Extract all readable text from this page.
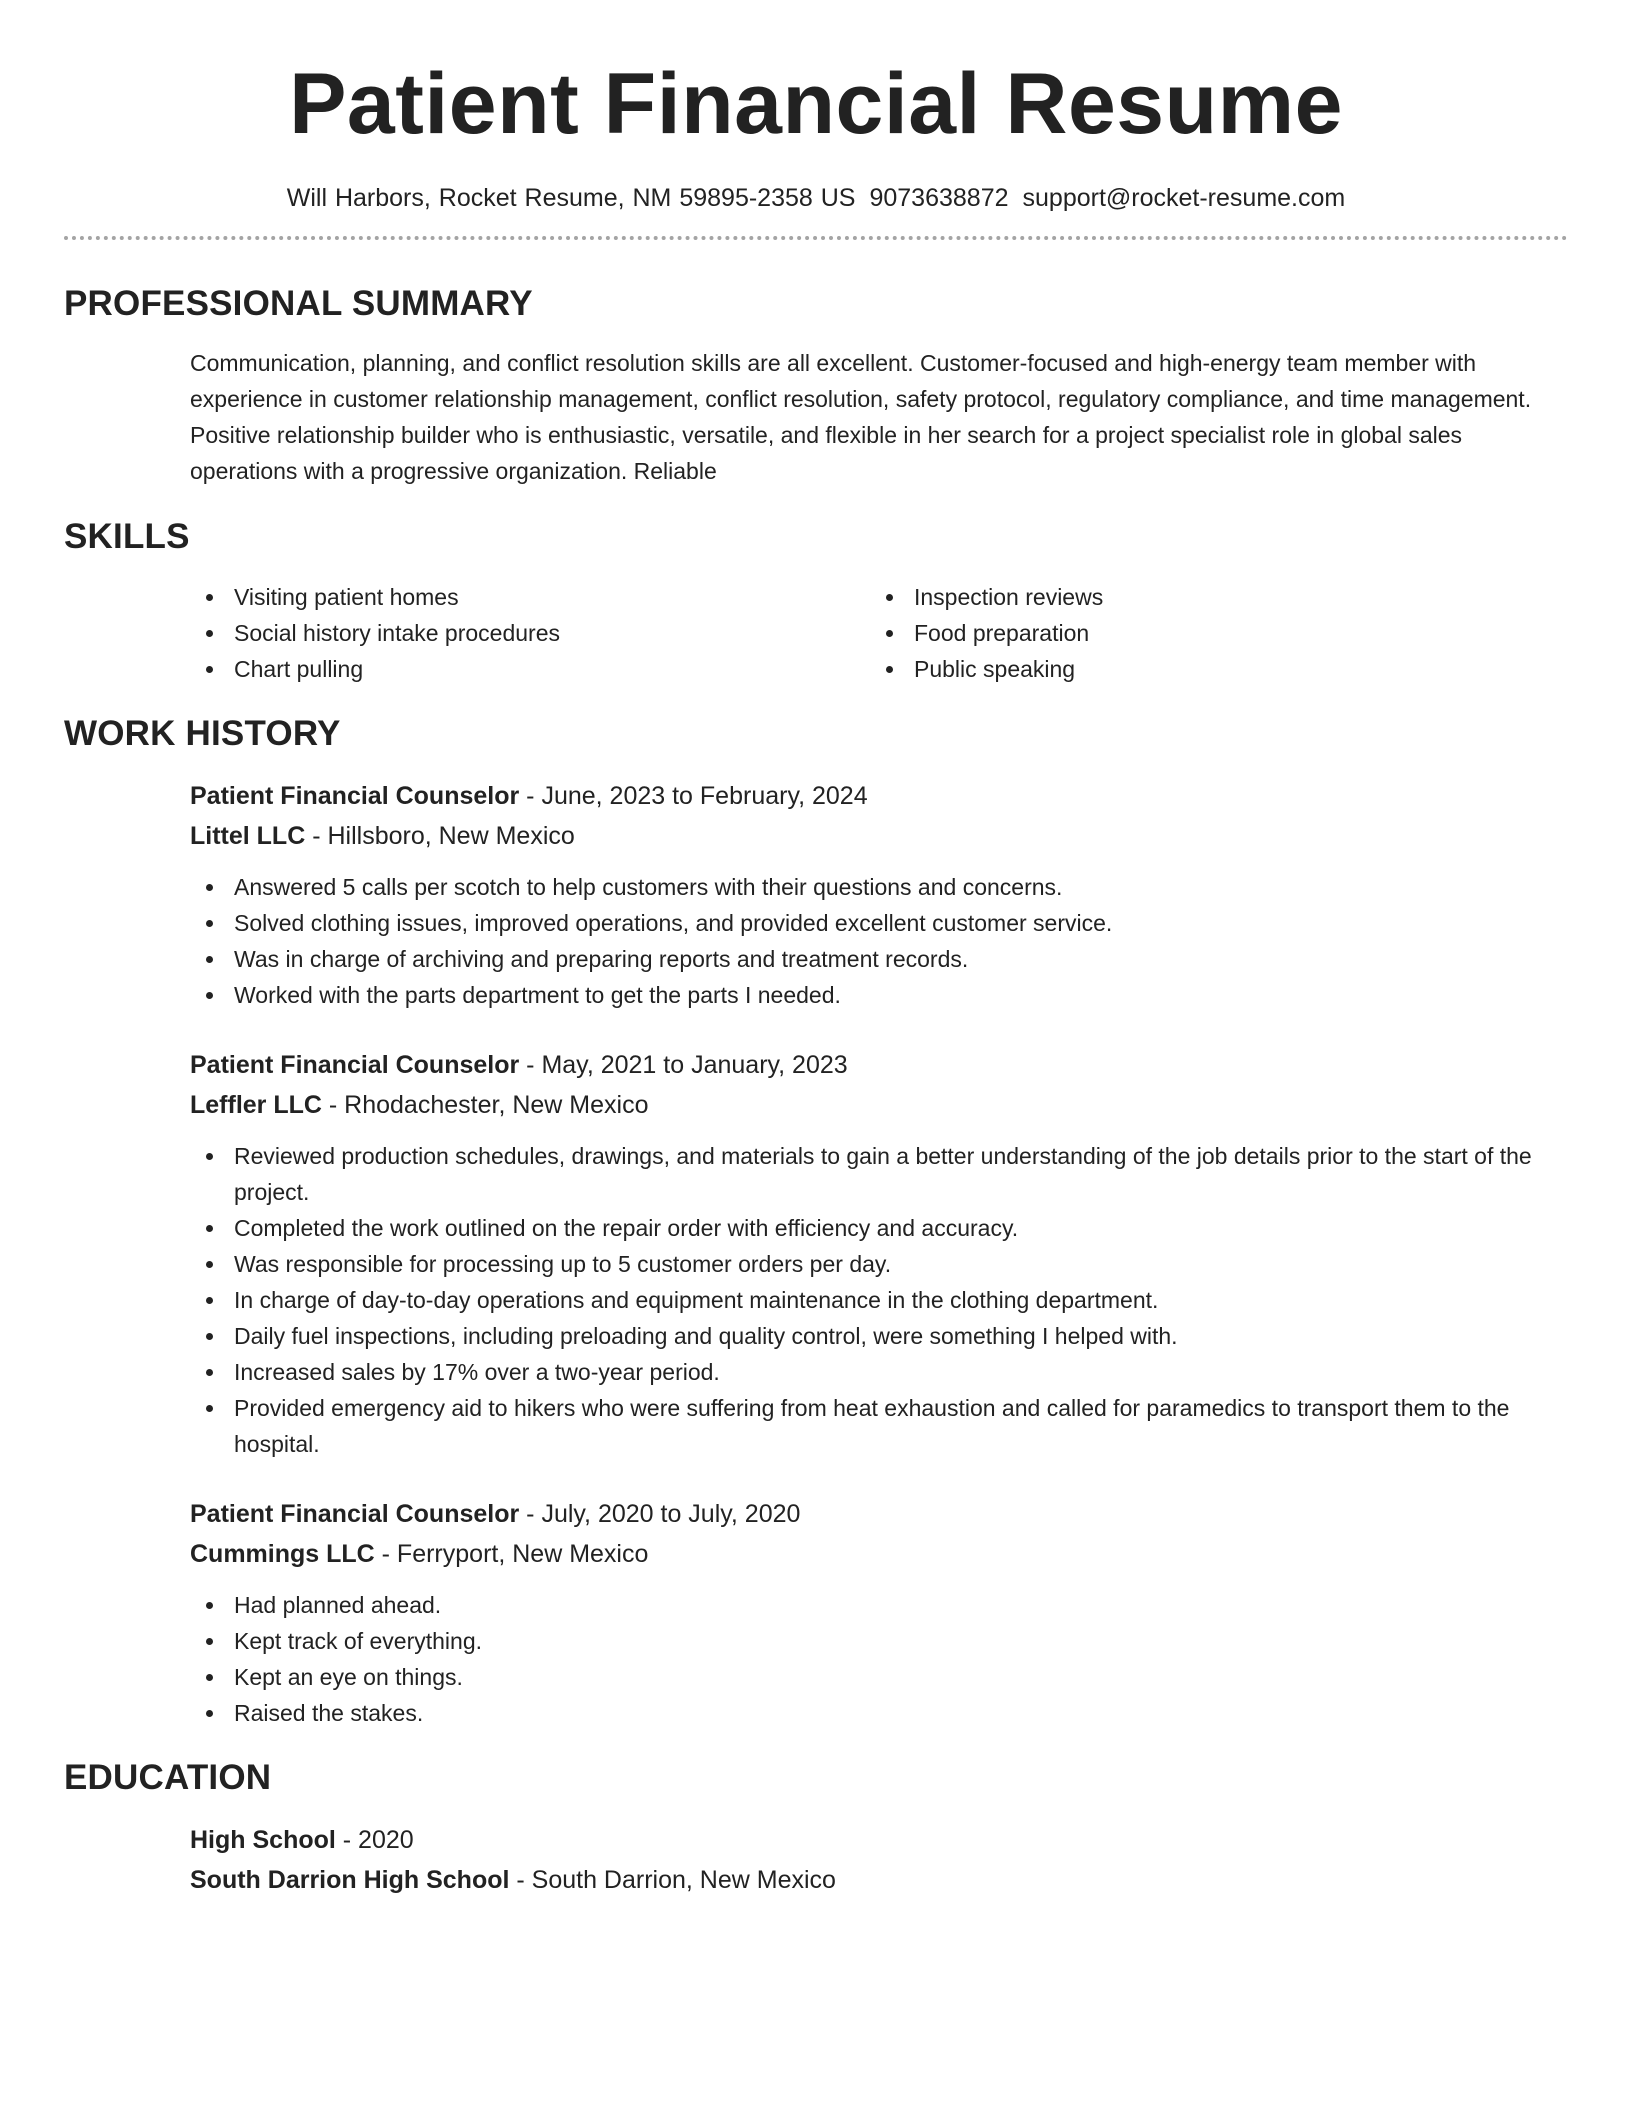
Patient Financial Resume
Will Harbors, Rocket Resume, NM 59895-2358 US 9073638872 support@rocket-resume.com
PROFESSIONAL SUMMARY

Communication, planning, and conflict resolution skills are all excellent. Customer-focused and high-energy team member with experience in customer relationship management, conflict resolution, safety protocol, regulatory compliance, and time management. Positive relationship builder who is enthusiastic, versatile, and flexible in her search for a project specialist role in global sales operations with a progressive organization. Reliable

SKILLS
Visiting patient homes
Social history intake procedures
Chart pulling
Inspection reviews
Food preparation
Public speaking
WORK HISTORY
Patient Financial Counselor - June, 2023 to February, 2024
Littel LLC - Hillsboro, New Mexico
Answered 5 calls per scotch to help customers with their questions and concerns.
Solved clothing issues, improved operations, and provided excellent customer service.
Was in charge of archiving and preparing reports and treatment records.
Worked with the parts department to get the parts I needed.
Patient Financial Counselor - May, 2021 to January, 2023
Leffler LLC - Rhodachester, New Mexico
Reviewed production schedules, drawings, and materials to gain a better understanding of the job details prior to the start of the project.
Completed the work outlined on the repair order with efficiency and accuracy.
Was responsible for processing up to 5 customer orders per day.
In charge of day-to-day operations and equipment maintenance in the clothing department.
Daily fuel inspections, including preloading and quality control, were something I helped with.
Increased sales by 17% over a two-year period.
Provided emergency aid to hikers who were suffering from heat exhaustion and called for paramedics to transport them to the hospital.
Patient Financial Counselor - July, 2020 to July, 2020
Cummings LLC - Ferryport, New Mexico
Had planned ahead.
Kept track of everything.
Kept an eye on things.
Raised the stakes.
EDUCATION
High School - 2020
South Darrion High School - South Darrion, New Mexico
